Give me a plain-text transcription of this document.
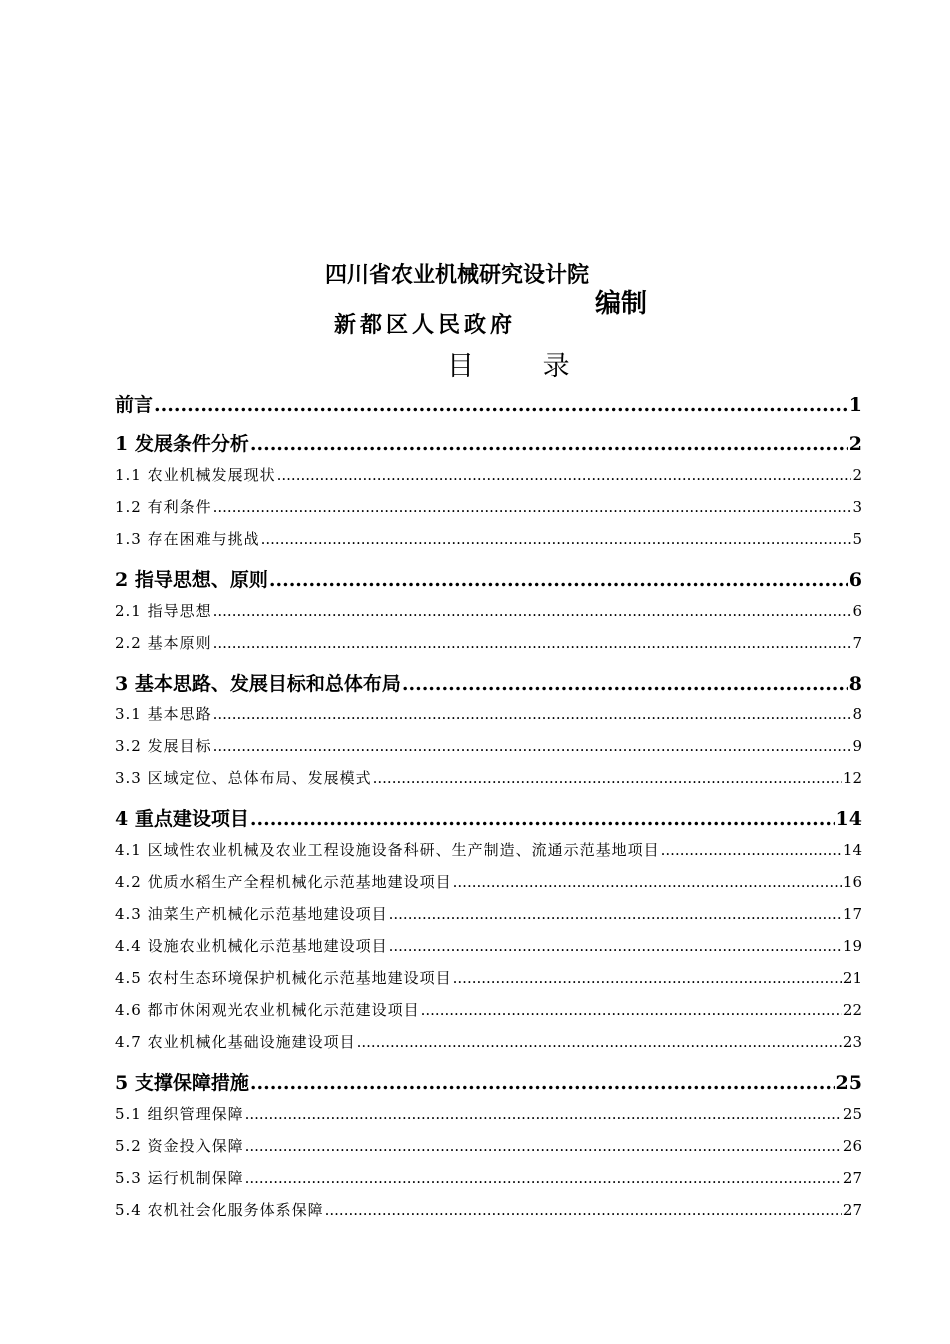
四川省农业机械研究设计院
新都区人民政府
编制
目 录
前言 .....	1
1 发展条件分析 .....	2
1.1 农业机械发展现状 .....	2
1.2 有利条件 .....	3
1.3 存在困难与挑战 .....	5
2 指导思想、原则 .....	6
2.1 指导思想 .....	6
2.2 基本原则 .....	7
3 基本思路、发展目标和总体布局 .....	8
3.1 基本思路 .....	8
3.2 发展目标 .....	9
3.3 区域定位、总体布局、发展模式 .....	12
4 重点建设项目 .....	14
4.1 区域性农业机械及农业工程设施设备科研、生产制造、流通示范基地项目 .....	14
4.2 优质水稻生产全程机械化示范基地建设项目 .....	16
4.3 油菜生产机械化示范基地建设项目 .....	17
4.4 设施农业机械化示范基地建设项目 .....	19
4.5 农村生态环境保护机械化示范基地建设项目 .....	21
4.6 都市休闲观光农业机械化示范建设项目 .....	22
4.7 农业机械化基础设施建设项目 .....	23
5 支撑保障措施 .....	25
5.1 组织管理保障 .....	25
5.2 资金投入保障 .....	26
5.3 运行机制保障 .....	27
5.4 农机社会化服务体系保障 .....	27
